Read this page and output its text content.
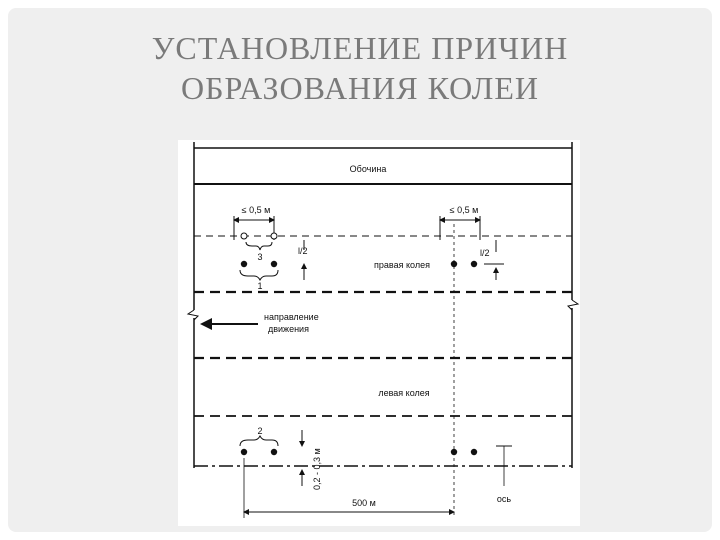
УСТАНОВЛЕНИЕ ПРИЧИН
ОБРАЗОВАНИЯ КОЛЕИ
Обочина
≤ 0,5 м	≤ 0,5 м
3
l/2
1
правая колея
l/2
направление
движения
левая колея
2
0,2 - 0,3 м
500 м	ось
